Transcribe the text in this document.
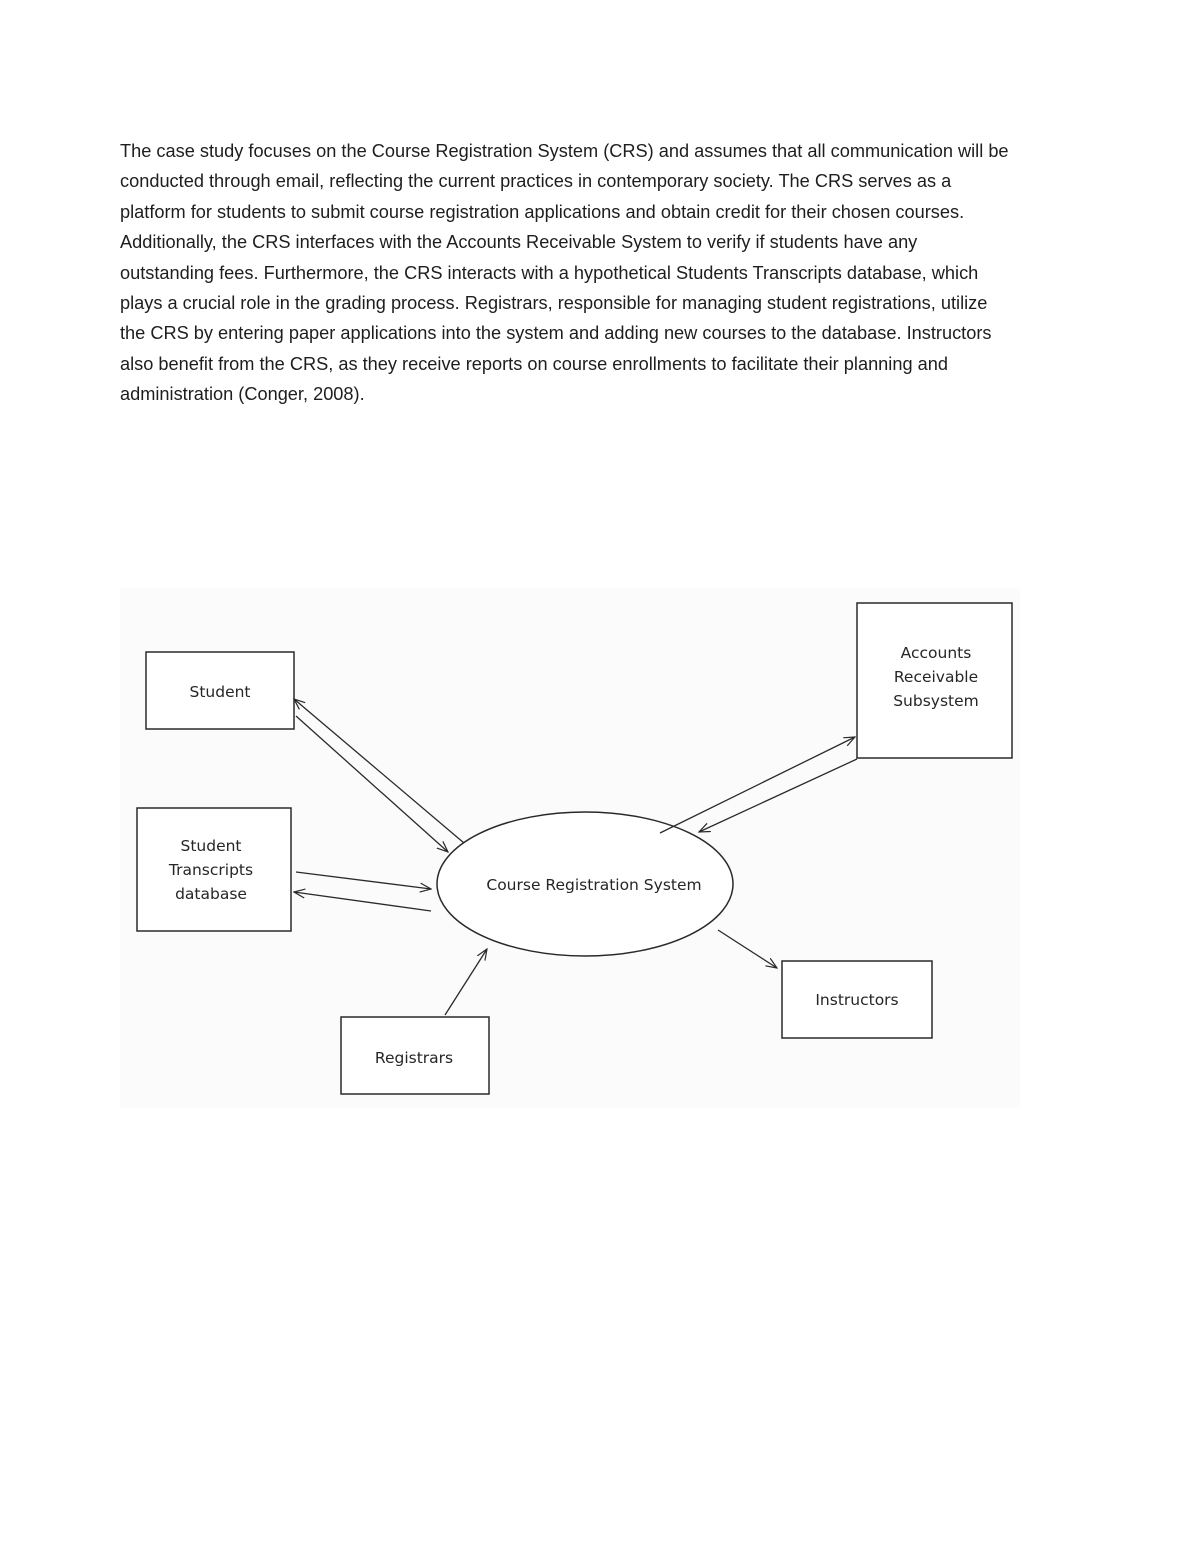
The case study focuses on the Course Registration System (CRS) and assumes that all communication will be
conducted through email, reflecting the current practices in contemporary society. The CRS serves as a
platform for students to submit course registration applications and obtain credit for their chosen courses.
Additionally, the CRS interfaces with the Accounts Receivable System to verify if students have any
outstanding fees. Furthermore, the CRS interacts with a hypothetical Students Transcripts database, which
plays a crucial role in the grading process. Registrars, responsible for managing student registrations, utilize
the CRS by entering paper applications into the system and adding new courses to the database. Instructors
also benefit from the CRS, as they receive reports on course enrollments to facilitate their planning and
administration (Conger, 2008).

Student
Student
Transcripts
database
Accounts
Receivable
Subsystem
Instructors
Registrars
Course Registration System
